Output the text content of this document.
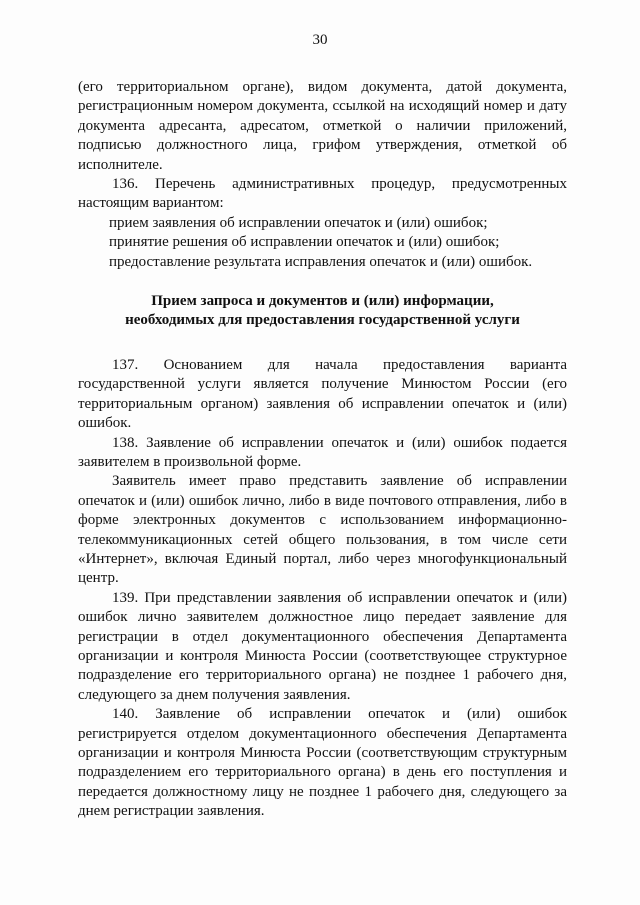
30

(его территориальном органе), видом документа, датой документа, регистрационным номером документа, ссылкой на исходящий номер и дату документа адресанта, адресатом, отметкой о наличии приложений, подписью должностного лица, грифом утверждения, отметкой об исполнителе.

136. Перечень административных процедур, предусмотренных настоящим вариантом:

прием заявления об исправлении опечаток и (или) ошибок;

принятие решения об исправлении опечаток и (или) ошибок;

предоставление результата исправления опечаток и (или) ошибок.

Прием запроса и документов и (или) информации,
необходимых для предоставления государственной услуги

137. Основанием для начала предоставления варианта государственной услуги является получение Минюстом России (его территориальным органом) заявления об исправлении опечаток и (или) ошибок.

138. Заявление об исправлении опечаток и (или) ошибок подается заявителем в произвольной форме.

Заявитель имеет право представить заявление об исправлении опечаток и (или) ошибок лично, либо в виде почтового отправления, либо в форме электронных документов с использованием информационно-телекоммуникационных сетей общего пользования, в том числе сети «Интернет», включая Единый портал, либо через многофункциональный центр.

139. При представлении заявления об исправлении опечаток и (или) ошибок лично заявителем должностное лицо передает заявление для регистрации в отдел документационного обеспечения Департамента организации и контроля Минюста России (соответствующее структурное подразделение его территориального органа) не позднее 1 рабочего дня, следующего за днем получения заявления.

140. Заявление об исправлении опечаток и (или) ошибок регистрируется отделом документационного обеспечения Департамента организации и контроля Минюста России (соответствующим структурным подразделением его территориального органа) в день его поступления и передается должностному лицу не позднее 1 рабочего дня, следующего за днем регистрации заявления.
